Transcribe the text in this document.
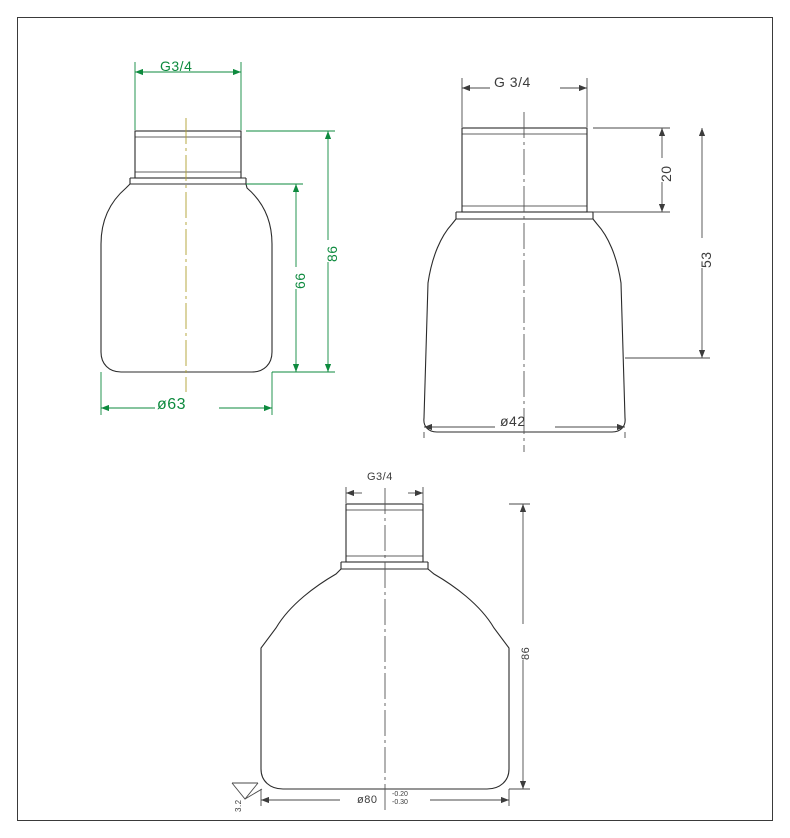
G3/4
86
66
ø63
G 3/4
20
53
ø42
G3/4
86
ø80 -0.20
-0.30
3.2
